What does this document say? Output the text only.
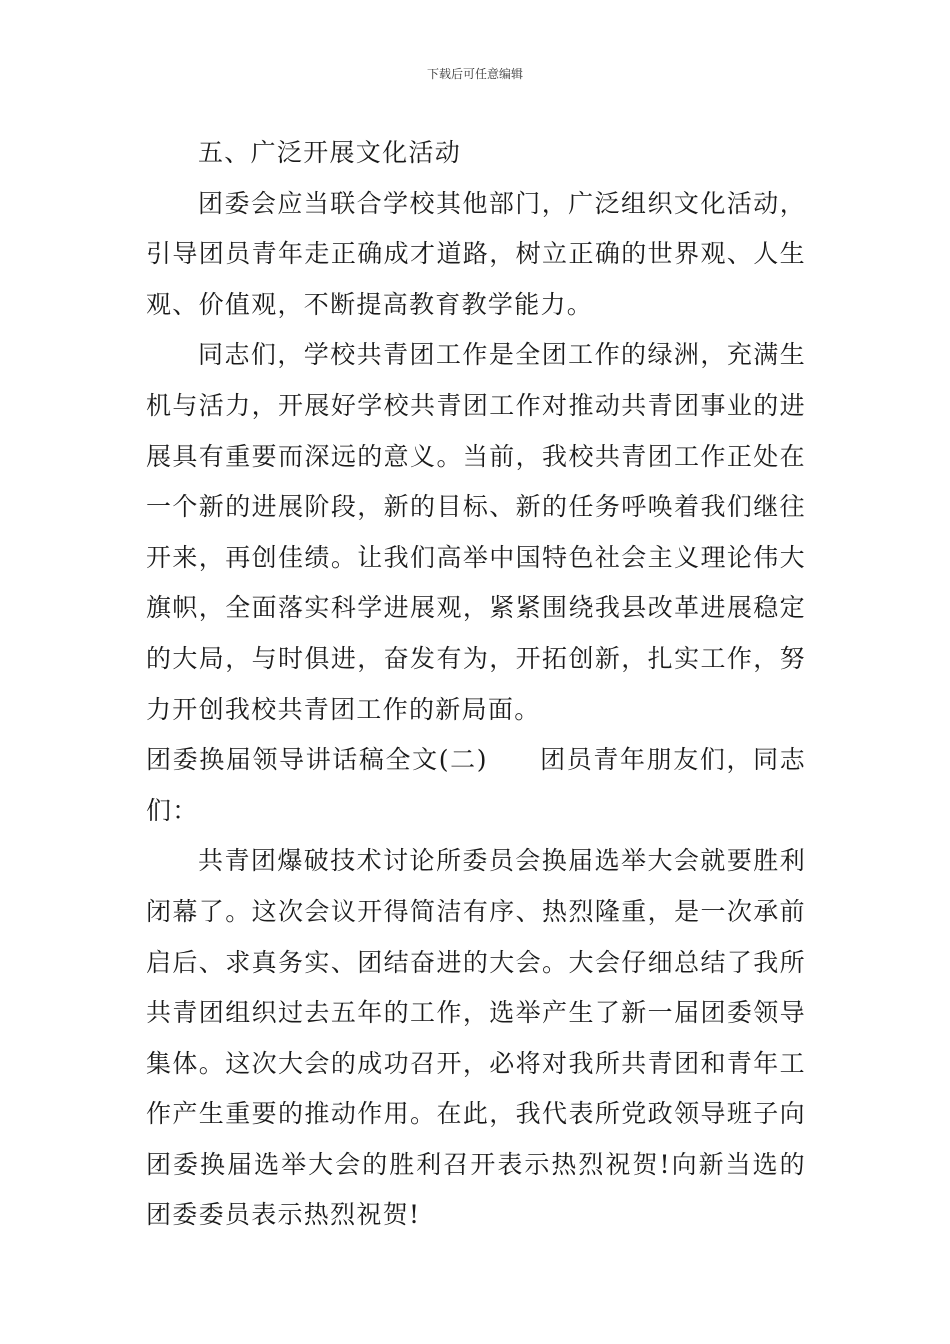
下载后可任意编辑

五、广泛开展文化活动

团委会应当联合学校其他部门，广泛组织文化活动，引导团员青年走正确成才道路，树立正确的世界观、人生观、价值观，不断提高教育教学能力。

同志们，学校共青团工作是全团工作的绿洲，充满生机与活力，开展好学校共青团工作对推动共青团事业的进展具有重要而深远的意义。当前，我校共青团工作正处在一个新的进展阶段，新的目标、新的任务呼唤着我们继往开来，再创佳绩。让我们高举中国特色社会主义理论伟大旗帜，全面落实科学进展观，紧紧围绕我县改革进展稳定的大局，与时俱进，奋发有为，开拓创新，扎实工作，努力开创我校共青团工作的新局面。

团委换届领导讲话稿全文(二) 团员青年朋友们，同志们：

共青团爆破技术讨论所委员会换届选举大会就要胜利闭幕了。这次会议开得简洁有序、热烈隆重，是一次承前启后、求真务实、团结奋进的大会。大会仔细总结了我所共青团组织过去五年的工作，选举产生了新一届团委领导集体。这次大会的成功召开，必将对我所共青团和青年工作产生重要的推动作用。在此，我代表所党政领导班子向团委换届选举大会的胜利召开表示热烈祝贺!向新当选的团委委员表示热烈祝贺!
